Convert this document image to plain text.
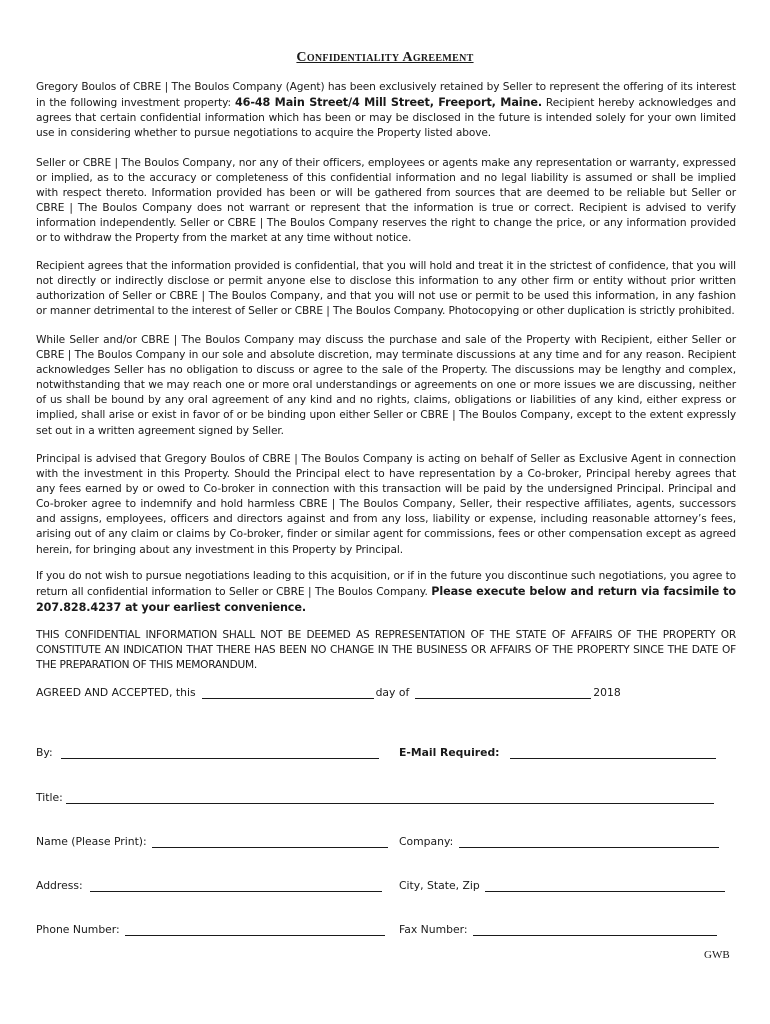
Confidentiality Agreement
Gregory Boulos of CBRE | The Boulos Company (Agent) has been exclusively retained by Seller to represent the offering of its interest in the following investment property: 46-48 Main Street/4 Mill Street, Freeport, Maine. Recipient hereby acknowledges and agrees that certain confidential information which has been or may be disclosed in the future is intended solely for your own limited use in considering whether to pursue negotiations to acquire the Property listed above.
Seller or CBRE | The Boulos Company, nor any of their officers, employees or agents make any representation or warranty, expressed or implied, as to the accuracy or completeness of this confidential information and no legal liability is assumed or shall be implied with respect thereto. Information provided has been or will be gathered from sources that are deemed to be reliable but Seller or CBRE | The Boulos Company does not warrant or represent that the information is true or correct. Recipient is advised to verify information independently. Seller or CBRE | The Boulos Company reserves the right to change the price, or any information provided or to withdraw the Property from the market at any time without notice.
Recipient agrees that the information provided is confidential, that you will hold and treat it in the strictest of confidence, that you will not directly or indirectly disclose or permit anyone else to disclose this information to any other firm or entity without prior written authorization of Seller or CBRE | The Boulos Company, and that you will not use or permit to be used this information, in any fashion or manner detrimental to the interest of Seller or CBRE | The Boulos Company. Photocopying or other duplication is strictly prohibited.
While Seller and/or CBRE | The Boulos Company may discuss the purchase and sale of the Property with Recipient, either Seller or CBRE | The Boulos Company in our sole and absolute discretion, may terminate discussions at any time and for any reason. Recipient acknowledges Seller has no obligation to discuss or agree to the sale of the Property. The discussions may be lengthy and complex, notwithstanding that we may reach one or more oral understandings or agreements on one or more issues we are discussing, neither of us shall be bound by any oral agreement of any kind and no rights, claims, obligations or liabilities of any kind, either express or implied, shall arise or exist in favor of or be binding upon either Seller or CBRE | The Boulos Company, except to the extent expressly set out in a written agreement signed by Seller.
Principal is advised that Gregory Boulos of CBRE | The Boulos Company is acting on behalf of Seller as Exclusive Agent in connection with the investment in this Property. Should the Principal elect to have representation by a Co-broker, Principal hereby agrees that any fees earned by or owed to Co-broker in connection with this transaction will be paid by the undersigned Principal. Principal and Co-broker agree to indemnify and hold harmless CBRE | The Boulos Company, Seller, their respective affiliates, agents, successors and assigns, employees, officers and directors against and from any loss, liability or expense, including reasonable attorney’s fees, arising out of any claim or claims by Co-broker, finder or similar agent for commissions, fees or other compensation except as agreed herein, for bringing about any investment in this Property by Principal.
If you do not wish to pursue negotiations leading to this acquisition, or if in the future you discontinue such negotiations, you agree to return all confidential information to Seller or CBRE | The Boulos Company. Please execute below and return via facsimile to 207.828.4237 at your earliest convenience.
THIS CONFIDENTIAL INFORMATION SHALL NOT BE DEEMED AS REPRESENTATION OF THE STATE OF AFFAIRS OF THE PROPERTY OR CONSTITUTE AN INDICATION THAT THERE HAS BEEN NO CHANGE IN THE BUSINESS OR AFFAIRS OF THE PROPERTY SINCE THE DATE OF THE PREPARATION OF THIS MEMORANDUM.
AGREED AND ACCEPTED, this	day of	2018
By:	E-Mail Required:
Title:
Name (Please Print):	Company:
Address:	City, State, Zip
Phone Number:	Fax Number:
GWB
